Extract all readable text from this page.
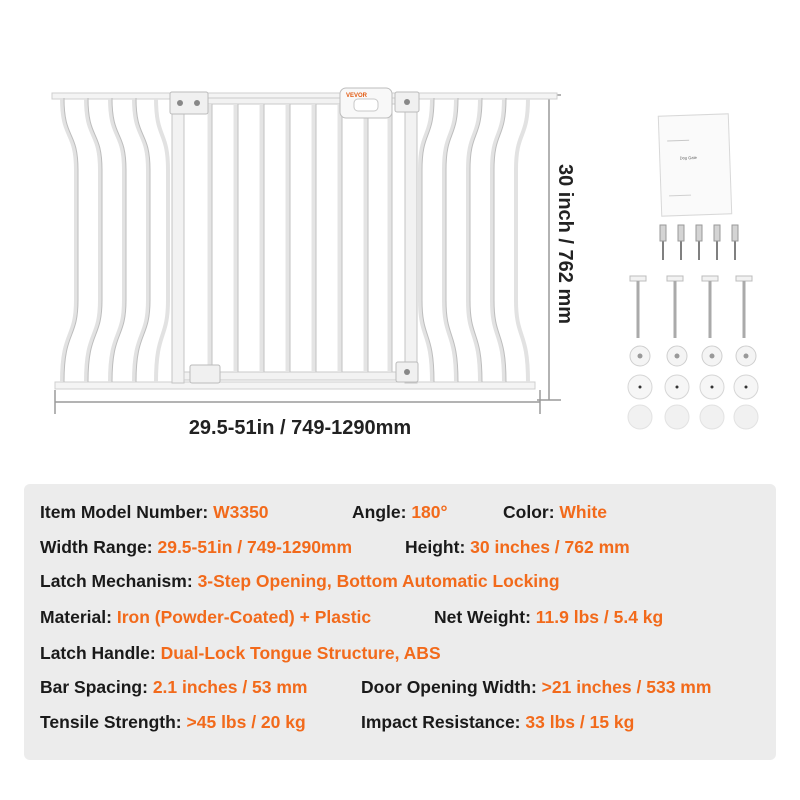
VEVOR
Dog Gate
29.5-51in / 749-1290mm
30 inch / 762 mm
Item Model Number: W3350	Angle: 180°	Color: White
Width Range: 29.5-51in / 749-1290mm	Height: 30 inches / 762 mm
Latch Mechanism: 3-Step Opening, Bottom Automatic Locking
Material: Iron (Powder-Coated) + Plastic	Net Weight: 11.9 lbs / 5.4 kg
Latch Handle: Dual-Lock Tongue Structure, ABS
Bar Spacing: 2.1 inches / 53 mm	Door Opening Width: >21 inches / 533 mm
Tensile Strength: >45 lbs / 20 kg	Impact Resistance: 33 lbs / 15 kg
